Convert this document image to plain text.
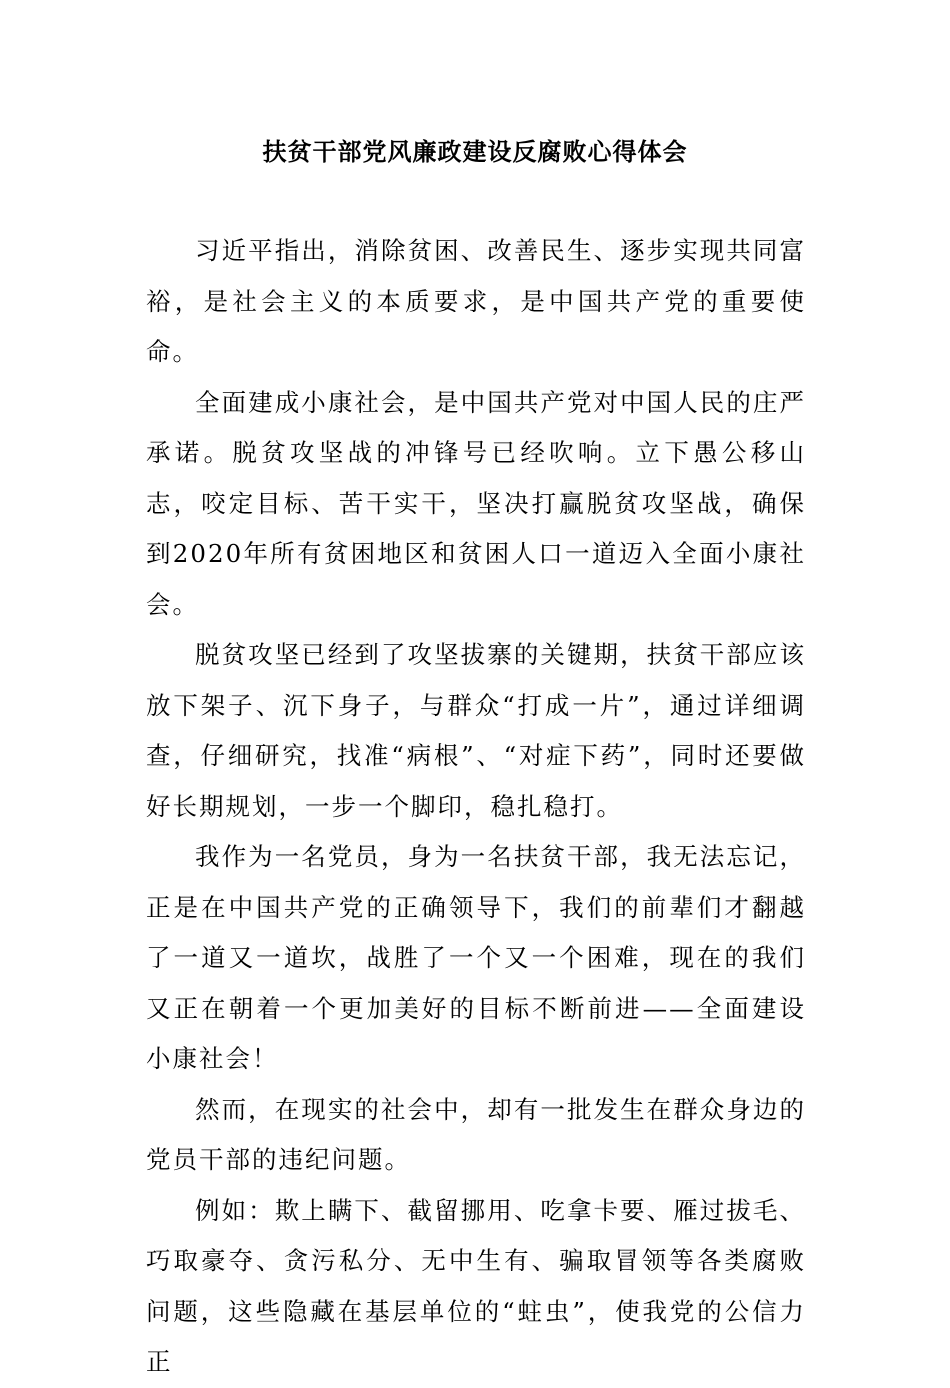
扶贫干部党风廉政建设反腐败心得体会

习近平指出，消除贫困、改善民生、逐步实现共同富裕，是社会主义的本质要求，是中国共产党的重要使命。

全面建成小康社会，是中国共产党对中国人民的庄严承诺。脱贫攻坚战的冲锋号已经吹响。立下愚公移山志，咬定目标、苦干实干，坚决打赢脱贫攻坚战，确保到2020年所有贫困地区和贫困人口一道迈入全面小康社会。

脱贫攻坚已经到了攻坚拔寨的关键期，扶贫干部应该放下架子、沉下身子，与群众“打成一片”，通过详细调查，仔细研究，找准“病根”、“对症下药”，同时还要做好长期规划，一步一个脚印，稳扎稳打。

我作为一名党员，身为一名扶贫干部，我无法忘记，正是在中国共产党的正确领导下，我们的前辈们才翻越了一道又一道坎，战胜了一个又一个困难，现在的我们又正在朝着一个更加美好的目标不断前进——全面建设小康社会！

然而，在现实的社会中，却有一批发生在群众身边的党员干部的违纪问题。

例如：欺上瞒下、截留挪用、吃拿卡要、雁过拔毛、巧取豪夺、贪污私分、无中生有、骗取冒领等各类腐败问题，这些隐藏在基层单位的“蛀虫”，使我党的公信力正
